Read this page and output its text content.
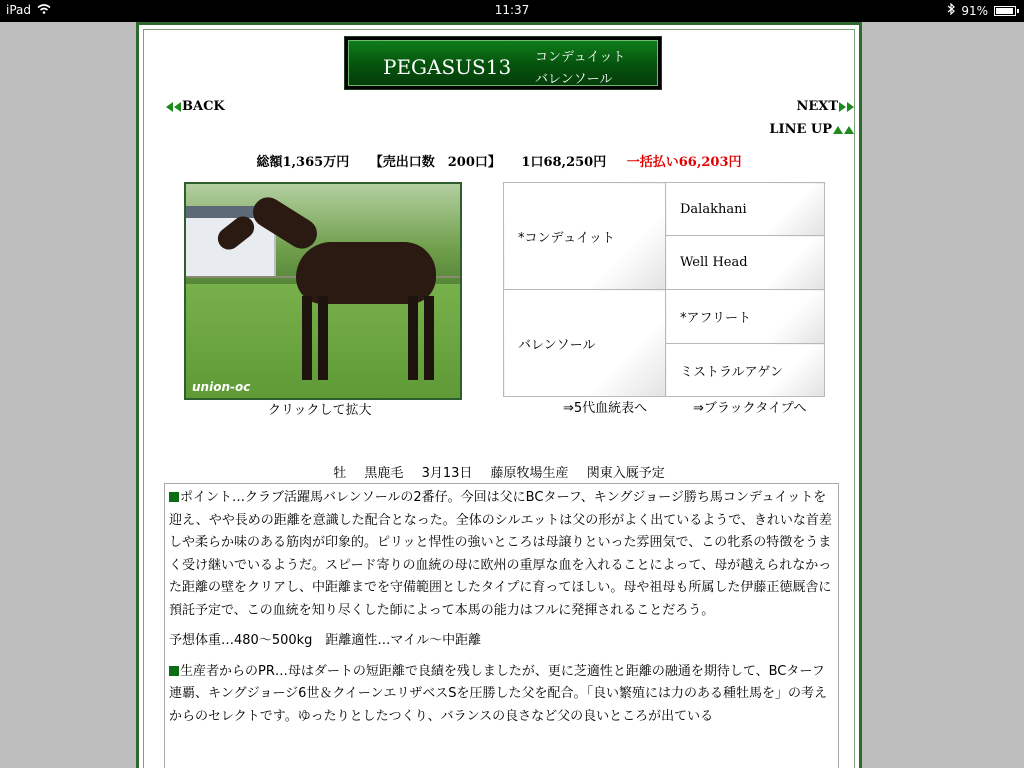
iPad	11:37	91%
PEGASUS13 コンデュイット
バレンソール
BACK	NEXT
LINE UP
総額1,365万円 【売出口数　200口】 1口68,250円 一括払い66,203円
union-oc
クリックして拡大
*コンデュイット	Dalakhani
	Well Head
バレンソール	*アフリート
	ミストラルアゲン
⇒5代血統表へ	⇒ブラックタイプへ
牡 黒鹿毛 3月13日 藤原牧場生産 関東入厩予定

ポイント…クラブ活躍馬バレンソールの2番仔。今回は父にBCターフ、キングジョージ勝ち馬コンデュイットを迎え、やや長めの距離を意識した配合となった。全体のシルエットは父の形がよく出ているようで、きれいな首差しや柔らか味のある筋肉が印象的。ピリッと悍性の強いところは母譲りといった雰囲気で、この牝系の特徴をうまく受け継いでいるようだ。スピード寄りの血統の母に欧州の重厚な血を入れることによって、母が越えられなかった距離の壁をクリアし、中距離までを守備範囲としたタイプに育ってほしい。母や祖母も所属した伊藤正徳厩舎に預託予定で、この血統を知り尽くした師によって本馬の能力はフルに発揮されることだろう。

予想体重…480〜500kg　距離適性…マイル〜中距離

生産者からのPR…母はダートの短距離で良績を残しましたが、更に芝適性と距離の融通を期待して、BCターフ連覇、キングジョージ6世＆クイーンエリザベスSを圧勝した父を配合。「良い繁殖には力のある種牡馬を」の考えからのセレクトです。ゆったりとしたつくり、バランスの良さなど父の良いところが出ている
